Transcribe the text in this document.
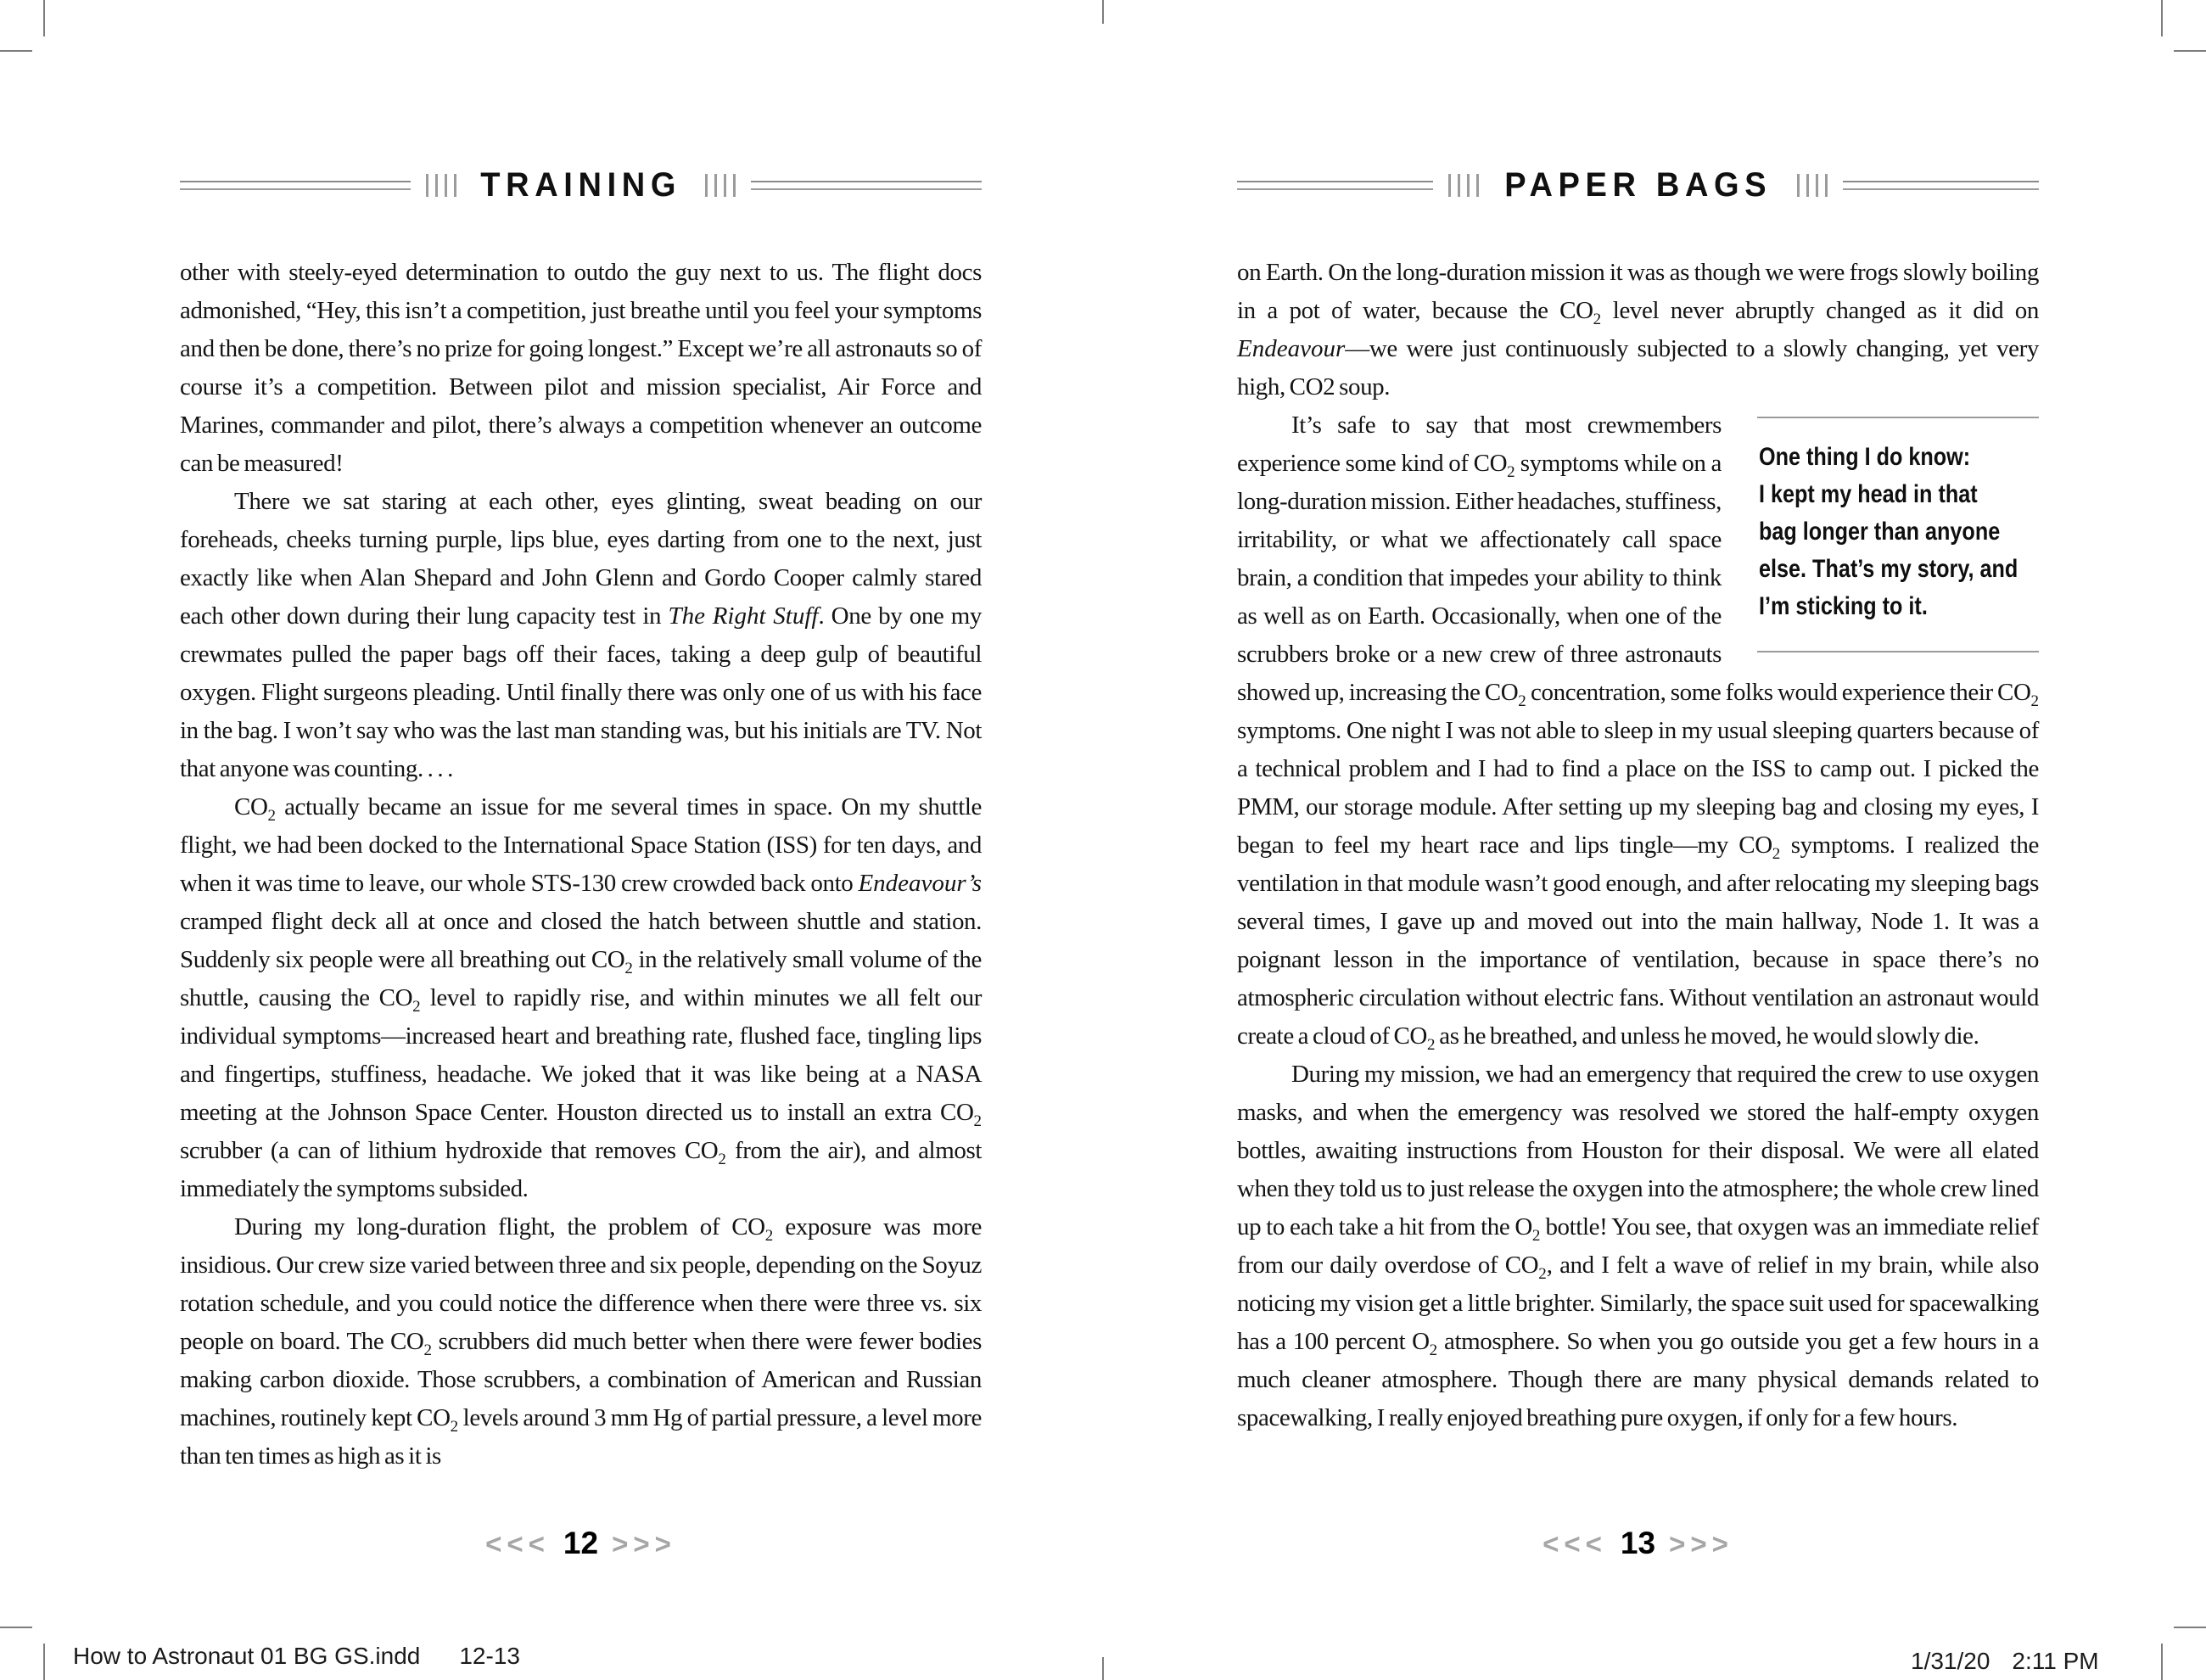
TRAINING

other with steely-eyed determination to outdo the guy next to us. The flight docs admonished, “Hey, this isn’t a competition, just breathe until you feel your symptoms and then be done, there’s no prize for going longest.” Except we’re all astronauts so of course it’s a competition. Between pilot and mission specialist, Air Force and Marines, commander and pilot, there’s always a competition whenever an outcome can be measured!

There we sat staring at each other, eyes glinting, sweat beading on our foreheads, cheeks turning purple, lips blue, eyes darting from one to the next, just exactly like when Alan Shepard and John Glenn and Gordo Cooper calmly stared each other down during their lung capacity test in The Right Stuff. One by one my crewmates pulled the paper bags off their faces, taking a deep gulp of beautiful oxygen. Flight surgeons pleading. Until finally there was only one of us with his face in the bag. I won’t say who was the last man standing was, but his initials are TV. Not that anyone was counting. . . .

$CO_2$ actually became an issue for me several times in space. On my shuttle flight, we had been docked to the International Space Station (ISS) for ten days, and when it was time to leave, our whole STS-130 crew crowded back onto Endeavour’s cramped flight deck all at once and closed the hatch between shuttle and station. Suddenly six people were all breathing out $CO_2$ in the relatively small volume of the shuttle, causing the $CO_2$ level to rapidly rise, and within minutes we all felt our individual symptoms—increased heart and breathing rate, flushed face, tingling lips and fingertips, stuffiness, headache. We joked that it was like being at a NASA meeting at the Johnson Space Center. Houston directed us to install an extra $CO_2$ scrubber (a can of lithium hydroxide that removes $CO_2$ from the air), and almost immediately the symptoms subsided.

During my long-duration flight, the problem of $CO_2$ exposure was more insidious. Our crew size varied between three and six people, depending on the Soyuz rotation schedule, and you could notice the difference when there were three vs. six people on board. The $CO_2$ scrubbers did much better when there were fewer bodies making carbon dioxide. Those scrubbers, a combination of American and Russian machines, routinely kept $CO_2$ levels around 3 mm Hg of partial pressure, a level more than ten times as high as it is

PAPER BAGS

on Earth. On the long-duration mission it was as though we were frogs slowly boiling in a pot of water, because the $CO_2$ level never abruptly changed as it did on Endeavour—we were just continuously subjected to a slowly changing, yet very high, CO2 soup.

One thing I do know:
I kept my head in that
bag longer than anyone
else. That’s my story, and
I’m sticking to it.
It’s safe to say that most crewmembers experience some kind of $CO_2$ symptoms while on a long-duration mission. Either headaches, stuffiness, irritability, or what we affectionately call space brain, a condition that impedes your ability to think as well as on Earth. Occasionally, when one of the scrubbers broke or a new crew of three astronauts showed up, increasing the $CO_2$ concentration, some folks would experience their $CO_2$ symptoms. One night I was not able to sleep in my usual sleeping quarters because of a technical problem and I had to find a place on the ISS to camp out. I picked the PMM, our storage module. After setting up my sleeping bag and closing my eyes, I began to feel my heart race and lips tingle—my $CO_2$ symptoms. I realized the ventilation in that module wasn’t good enough, and after relocating my sleeping bags several times, I gave up and moved out into the main hallway, Node 1. It was a poignant lesson in the importance of ventilation, because in space there’s no atmospheric circulation without electric fans. Without ventilation an astronaut would create a cloud of $CO_2$ as he breathed, and unless he moved, he would slowly die.

During my mission, we had an emergency that required the crew to use oxygen masks, and when the emergency was resolved we stored the half-empty oxygen bottles, awaiting instructions from Houston for their disposal. We were all elated when they told us to just release the oxygen into the atmosphere; the whole crew lined up to each take a hit from the $O_2$ bottle! You see, that oxygen was an immediate relief from our daily overdose of $CO_2$, and I felt a wave of relief in my brain, while also noticing my vision get a little brighter. Similarly, the space suit used for spacewalking has a 100 percent $O_2$ atmosphere. So when you go outside you get a few hours in a much cleaner atmosphere. Though there are many physical demands related to spacewalking, I really enjoyed breathing pure oxygen, if only for a few hours.

<<< 12 >>>	<<< 13 >>>
How to Astronaut 01 BG GS.indd 12-13	1/31/20 2:11 PM
